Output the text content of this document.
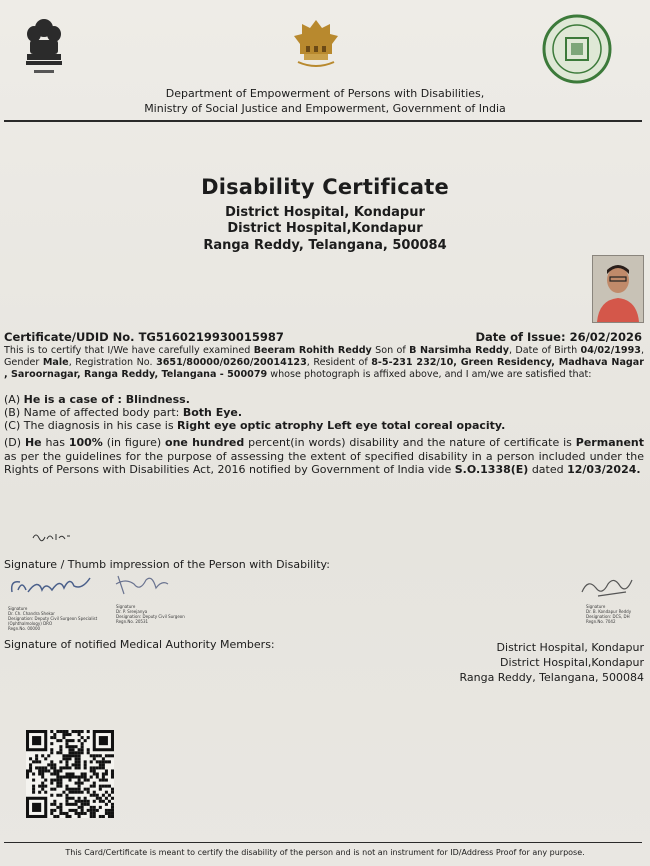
Department of Empowerment of Persons with Disabilities,
Ministry of Social Justice and Empowerment, Government of India
Disability Certificate
District Hospital, Kondapur
District Hospital,Kondapur
Ranga Reddy, Telangana, 500084
Certificate/UDID No. TG5160219930015987	Date of Issue: 26/02/2026
This is to certify that I/We have carefully examined Beeram Rohith Reddy Son of B Narsimha Reddy, Date of Birth 04/02/1993, Gender Male, Registration No. 3651/80000/0260/20014123, Resident of 8-5-231 232/10, Green Residency, Madhava Nagar , Saroornagar, Ranga Reddy, Telangana - 500079 whose photograph is affixed above, and I am/we are satisfied that:
(A) He is a case of : Blindness.
(B) Name of affected body part: Both Eye.
(C) The diagnosis in his case is Right eye optic atrophy Left eye total coreal opacity.
(D) He has 100% (in figure) one hundred percent(in words) disability and the nature of certificate is Permanent as per the guidelines for the purpose of assessing the extent of specified disability in a person included under the Rights of Persons with Disabilities Act, 2016 notified by Government of India vide S.O.1338(E) dated 12/03/2024.
Signature / Thumb impression of the Person with Disability:
Signature
Dr. Ch. Chandra Shekar
Designation: Deputy Civil Surgeon Specialist (Ophthalmology) DRO
Regn.No. 00000
Signature
Dr. P. Sreejanya
Designation: Deputy Civil Surgeon
Regn.No. 20531
Signature
Dr. B. Kondapur Reddy
Designation: DCS, DH
Regn.No. 7042
Signature of notified Medical Authority Members:	District Hospital, Kondapur
District Hospital,Kondapur
Ranga Reddy, Telangana, 500084
This Card/Certificate is meant to certify the disability of the person and is not an instrument for ID/Address Proof for any purpose.
